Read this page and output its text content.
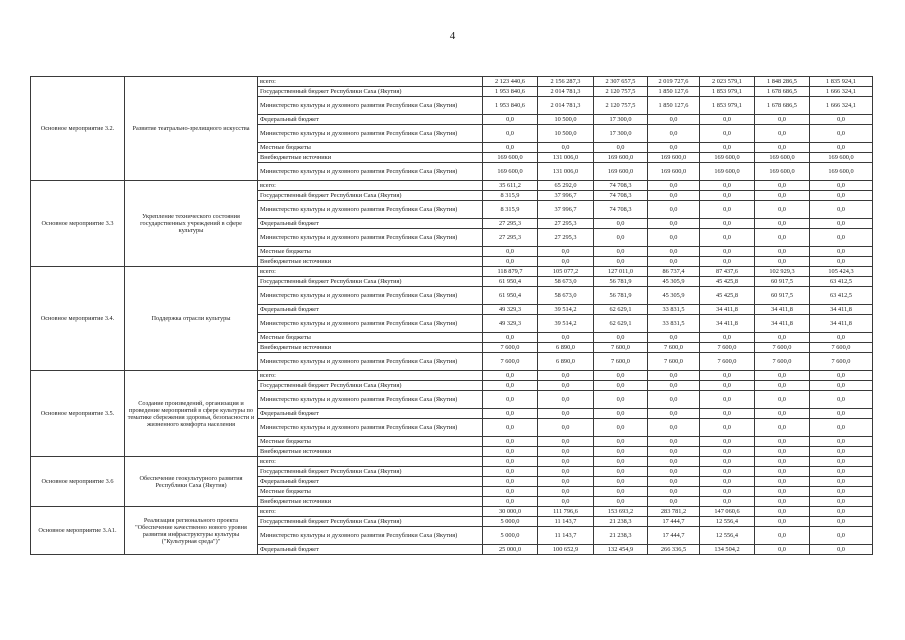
4
Основное мероприятие 3.2.	Развитие театрально-зрелищного искусства	всего:	2 123 440,6	2 156 287,3	2 307 657,5	2 019 727,6	2 023 579,1	1 848 286,5	1 835 924,1
		Государственный бюджет Республики Саха (Якутия)	1 953 840,6	2 014 781,3	2 120 757,5	1 850 127,6	1 853 979,1	1 678 686,5	1 666 324,1
		Министерство культуры и духовного развития Республики Саха (Якутия)	1 953 840,6	2 014 781,3	2 120 757,5	1 850 127,6	1 853 979,1	1 678 686,5	1 666 324,1
		Федеральный бюджет	0,0	10 500,0	17 300,0	0,0	0,0	0,0	0,0
		Министерство культуры и духовного развития Республики Саха (Якутия)	0,0	10 500,0	17 300,0	0,0	0,0	0,0	0,0
		Местные бюджеты	0,0	0,0	0,0	0,0	0,0	0,0	0,0
		Внебюджетные источники	169 600,0	131 006,0	169 600,0	169 600,0	169 600,0	169 600,0	169 600,0
		Министерство культуры и духовного развития Республики Саха (Якутия)	169 600,0	131 006,0	169 600,0	169 600,0	169 600,0	169 600,0	169 600,0
Основное мероприятие 3.3	Укрепление технического состояния государственных учреждений в сфере культуры	всего:	35 611,2	65 292,0	74 708,3	0,0	0,0	0,0	0,0
		Государственный бюджет Республики Саха (Якутия)	8 315,9	37 996,7	74 708,3	0,0	0,0	0,0	0,0
		Министерство культуры и духовного развития Республики Саха (Якутия)	8 315,9	37 996,7	74 708,3	0,0	0,0	0,0	0,0
		Федеральный бюджет	27 295,3	27 295,3	0,0	0,0	0,0	0,0	0,0
		Министерство культуры и духовного развития Республики Саха (Якутия)	27 295,3	27 295,3	0,0	0,0	0,0	0,0	0,0
		Местные бюджеты	0,0	0,0	0,0	0,0	0,0	0,0	0,0
		Внебюджетные источники	0,0	0,0	0,0	0,0	0,0	0,0	0,0
Основное мероприятие 3.4.	Поддержка отрасли культуры	всего:	118 879,7	105 077,2	127 011,0	86 737,4	87 437,6	102 929,3	105 424,3
		Государственный бюджет Республики Саха (Якутия)	61 950,4	58 673,0	56 781,9	45 305,9	45 425,8	60 917,5	63 412,5
		Министерство культуры и духовного развития Республики Саха (Якутия)	61 950,4	58 673,0	56 781,9	45 305,9	45 425,8	60 917,5	63 412,5
		Федеральный бюджет	49 329,3	39 514,2	62 629,1	33 831,5	34 411,8	34 411,8	34 411,8
		Министерство культуры и духовного развития Республики Саха (Якутия)	49 329,3	39 514,2	62 629,1	33 831,5	34 411,8	34 411,8	34 411,8
		Местные бюджеты	0,0	0,0	0,0	0,0	0,0	0,0	0,0
		Внебюджетные источники	7 600,0	6 890,0	7 600,0	7 600,0	7 600,0	7 600,0	7 600,0
		Министерство культуры и духовного развития Республики Саха (Якутия)	7 600,0	6 890,0	7 600,0	7 600,0	7 600,0	7 600,0	7 600,0
Основное мероприятие 3.5.	Создание произведений, организация и проведение мероприятий в сфере культуры по тематике сбережения здоровья, безопасности и жизненного комфорта населения	всего:	0,0	0,0	0,0	0,0	0,0	0,0	0,0
		Государственный бюджет Республики Саха (Якутия)	0,0	0,0	0,0	0,0	0,0	0,0	0,0
		Министерство культуры и духовного развития Республики Саха (Якутия)	0,0	0,0	0,0	0,0	0,0	0,0	0,0
		Федеральный бюджет	0,0	0,0	0,0	0,0	0,0	0,0	0,0
		Министерство культуры и духовного развития Республики Саха (Якутия)	0,0	0,0	0,0	0,0	0,0	0,0	0,0
		Местные бюджеты	0,0	0,0	0,0	0,0	0,0	0,0	0,0
		Внебюджетные источники	0,0	0,0	0,0	0,0	0,0	0,0	0,0
Основное мероприятие 3.6	Обеспечение геокультурного развития Республики Саха (Якутия)	всего:	0,0	0,0	0,0	0,0	0,0	0,0	0,0
		Государственный бюджет Республики Саха (Якутия)	0,0	0,0	0,0	0,0	0,0	0,0	0,0
		Федеральный бюджет	0,0	0,0	0,0	0,0	0,0	0,0	0,0
		Местные бюджеты	0,0	0,0	0,0	0,0	0,0	0,0	0,0
		Внебюджетные источники	0,0	0,0	0,0	0,0	0,0	0,0	0,0
Основное мероприятие 3.А1.	Реализация регионального проекта "Обеспечение качественно нового уровня развития инфраструктуры культуры ("Культурная среда")"	всего:	30 000,0	111 796,6	153 693,2	283 781,2	147 060,6	0,0	0,0
		Государственный бюджет Республики Саха (Якутия)	5 000,0	11 143,7	21 238,3	17 444,7	12 556,4	0,0	0,0
		Министерство культуры и духовного развития Республики Саха (Якутия)	5 000,0	11 143,7	21 238,3	17 444,7	12 556,4	0,0	0,0
		Федеральный бюджет	25 000,0	100 652,9	132 454,9	266 336,5	134 504,2	0,0	0,0
